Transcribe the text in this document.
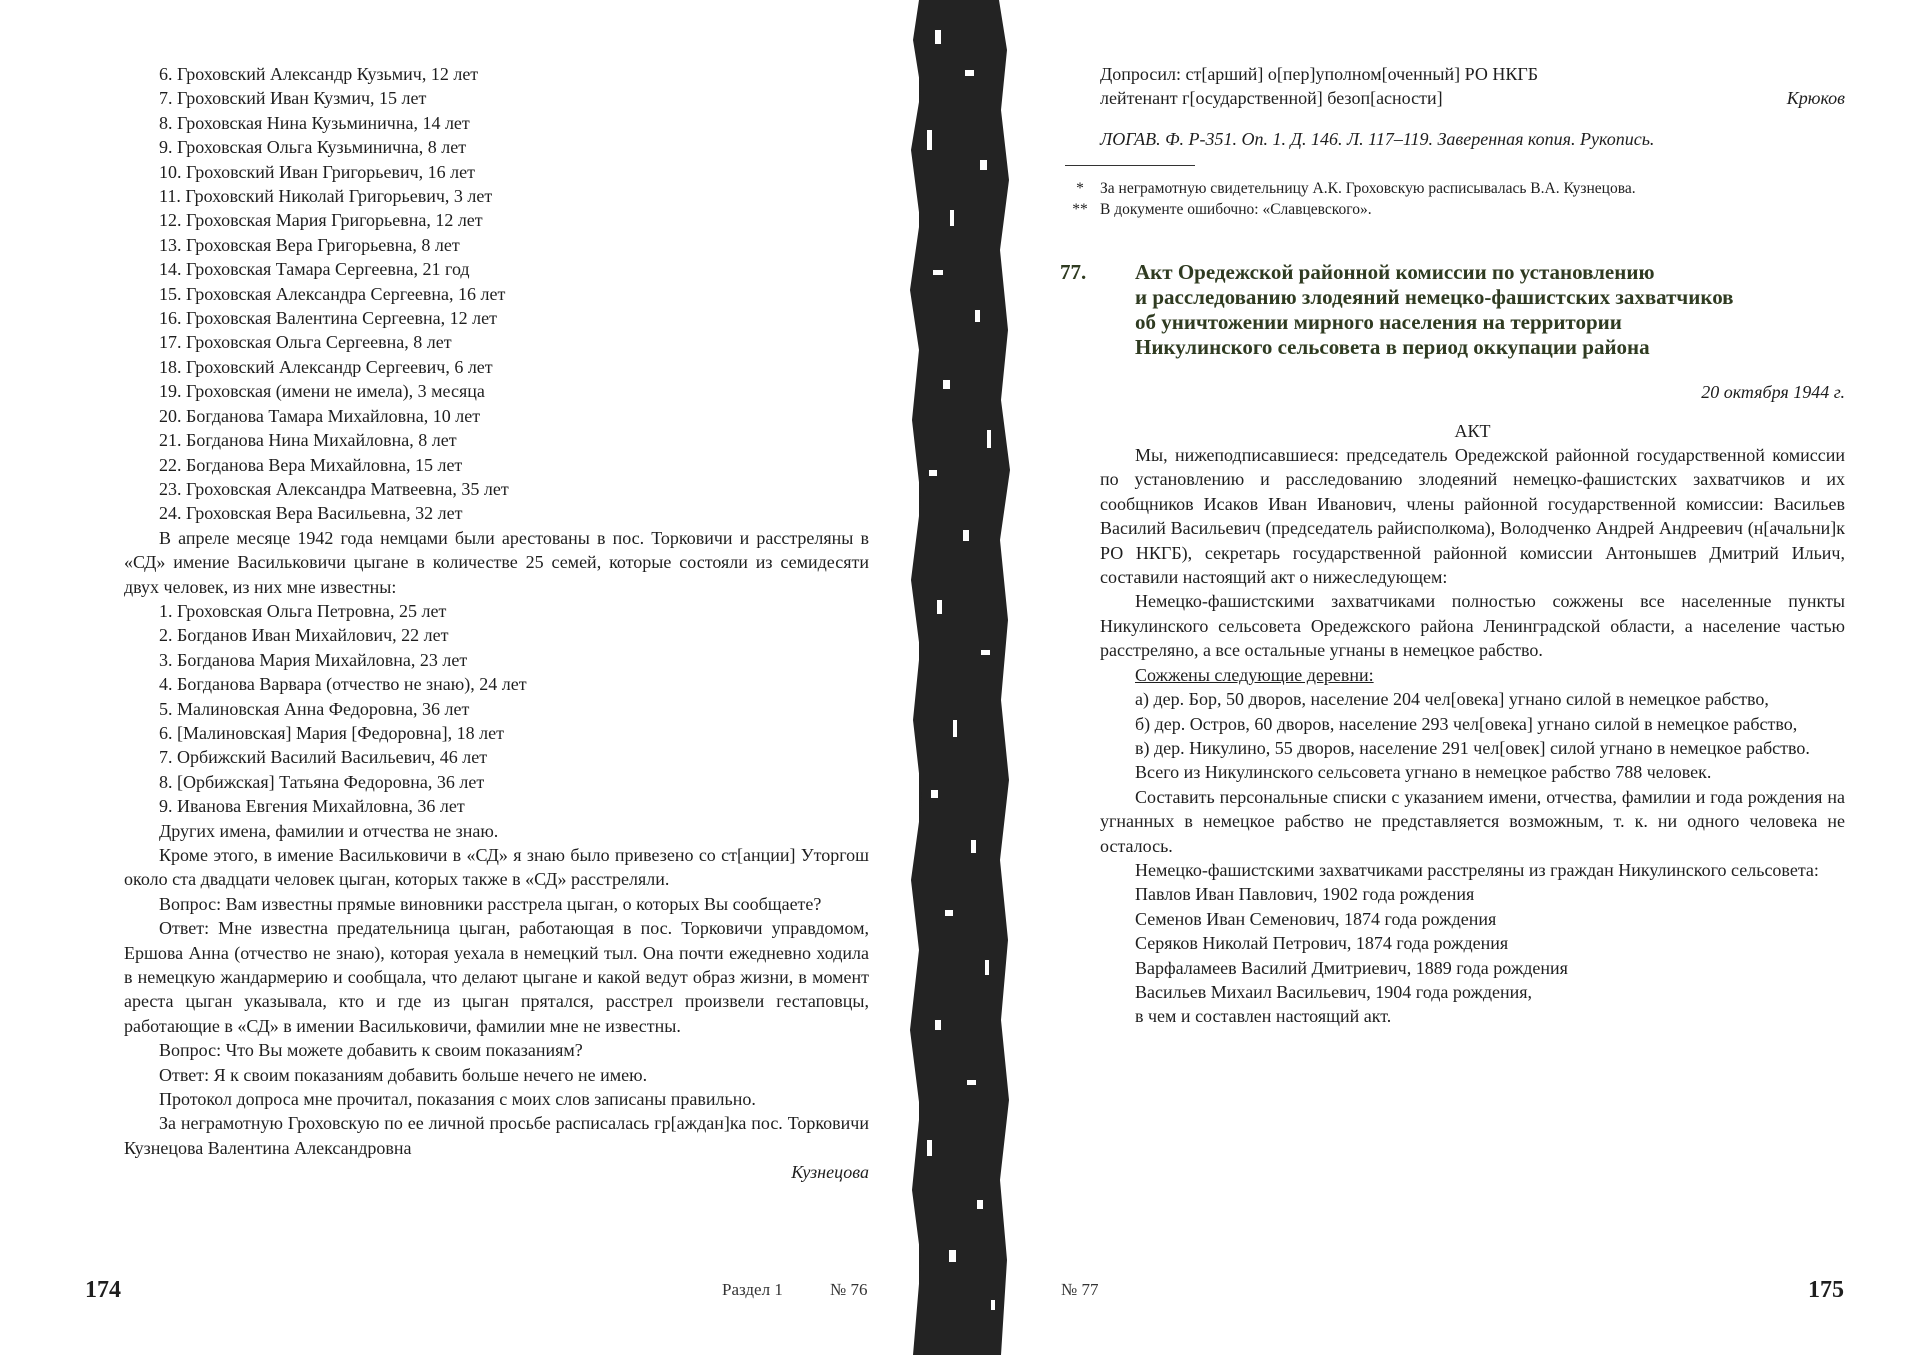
6. Гроховский Александр Кузьмич, 12 лет
7. Гроховский Иван Кузмич, 15 лет
8. Гроховская Нина Кузьминична, 14 лет
9. Гроховская Ольга Кузьминична, 8 лет
10. Гроховский Иван Григорьевич, 16 лет
11. Гроховский Николай Григорьевич, 3 лет
12. Гроховская Мария Григорьевна, 12 лет
13. Гроховская Вера Григорьевна, 8 лет
14. Гроховская Тамара Сергеевна, 21 год
15. Гроховская Александра Сергеевна, 16 лет
16. Гроховская Валентина Сергеевна, 12 лет
17. Гроховская Ольга Сергеевна, 8 лет
18. Гроховский Александр Сергеевич, 6 лет
19. Гроховская (имени не имела), 3 месяца
20. Богданова Тамара Михайловна, 10 лет
21. Богданова Нина Михайловна, 8 лет
22. Богданова Вера Михайловна, 15 лет
23. Гроховская Александра Матвеевна, 35 лет
24. Гроховская Вера Васильевна, 32 лет
В апреле месяце 1942 года немцами были арестованы в пос. Торковичи и расстреляны в «СД» имение Васильковичи цыгане в количестве 25 семей, которые состояли из семидесяти двух человек, из них мне известны:
1. Гроховская Ольга Петровна, 25 лет
2. Богданов Иван Михайлович, 22 лет
3. Богданова Мария Михайловна, 23 лет
4. Богданова Варвара (отчество не знаю), 24 лет
5. Малиновская Анна Федоровна, 36 лет
6. [Малиновская] Мария [Федоровна], 18 лет
7. Орбижский Василий Васильевич, 46 лет
8. [Орбижская] Татьяна Федоровна, 36 лет
9. Иванова Евгения Михайловна, 36 лет
Других имена, фамилии и отчества не знаю.
Кроме этого, в имение Васильковичи в «СД» я знаю было привезено со ст[анции] Уторгош около ста двадцати человек цыган, которых также в «СД» расстреляли.
Вопрос: Вам известны прямые виновники расстрела цыган, о которых Вы сообщаете?
Ответ: Мне известна предательница цыган, работающая в пос. Торковичи управдомом, Ершова Анна (отчество не знаю), которая уехала в немецкий тыл. Она почти ежедневно ходила в немецкую жандармерию и сообщала, что делают цыгане и какой ведут образ жизни, в момент ареста цыган указывала, кто и где из цыган прятался, расстрел произвели гестаповцы, работающие в «СД» в имении Васильковичи, фамилии мне не известны.
Вопрос: Что Вы можете добавить к своим показаниям?
Ответ: Я к своим показаниям добавить больше нечего не имею.
Протокол допроса мне прочитал, показания с моих слов записаны правильно.
За неграмотную Гроховскую по ее личной просьбе расписалась гр[аждан]ка пос. Торковичи Кузнецова Валентина Александровна
Кузнецова
174	Раздел 1	№ 76
Допросил: ст[арший] о[пер]уполном[оченный] РО НКГБ
лейтенант г[осударственной] безоп[асности]	Крюков
ЛОГАВ. Ф. Р-351. Оп. 1. Д. 146. Л. 117–119. Заверенная копия. Рукопись.
*	За неграмотную свидетельницу А.К. Гроховскую расписывалась В.А. Кузнецова.
** В документе ошибочно: «Славцевского».
77.	Акт Оредежской районной комиссии по установлению
и расследованию злодеяний немецко-фашистских захватчиков
об уничтожении мирного населения на территории
Никулинского сельсовета в период оккупации района
20 октября 1944 г.
АКТ
Мы, нижеподписавшиеся: председатель Оредежской районной государственной комиссии по установлению и расследованию злодеяний немецко-фашистских захватчиков и их сообщников Исаков Иван Иванович, члены районной государственной комиссии: Васильев Василий Васильевич (председатель райисполкома), Володченко Андрей Андреевич (н[ачальни]к РО НКГБ), секретарь государственной районной комиссии Антонышев Дмитрий Ильич, составили настоящий акт о нижеследующем:
Немецко-фашистскими захватчиками полностью сожжены все населенные пункты Никулинского сельсовета Оредежского района Ленинградской области, а население частью расстреляно, а все остальные угнаны в немецкое рабство.
Сожжены следующие деревни:
а) дер. Бор, 50 дворов, население 204 чел[овека] угнано силой в немецкое рабство,
б) дер. Остров, 60 дворов, население 293 чел[овека] угнано силой в немецкое рабство,
в) дер. Никулино, 55 дворов, население 291 чел[овек] силой угнано в немецкое рабство.
Всего из Никулинского сельсовета угнано в немецкое рабство 788 человек.
Составить персональные списки с указанием имени, отчества, фамилии и года рождения на угнанных в немецкое рабство не представляется возможным, т. к. ни одного человека не осталось.
Немецко-фашистскими захватчиками расстреляны из граждан Никулинского сельсовета:
Павлов Иван Павлович, 1902 года рождения
Семенов Иван Семенович, 1874 года рождения
Серяков Николай Петрович, 1874 года рождения
Варфаламеев Василий Дмитриевич, 1889 года рождения
Васильев Михаил Васильевич, 1904 года рождения,
в чем и составлен настоящий акт.
№ 77	175
